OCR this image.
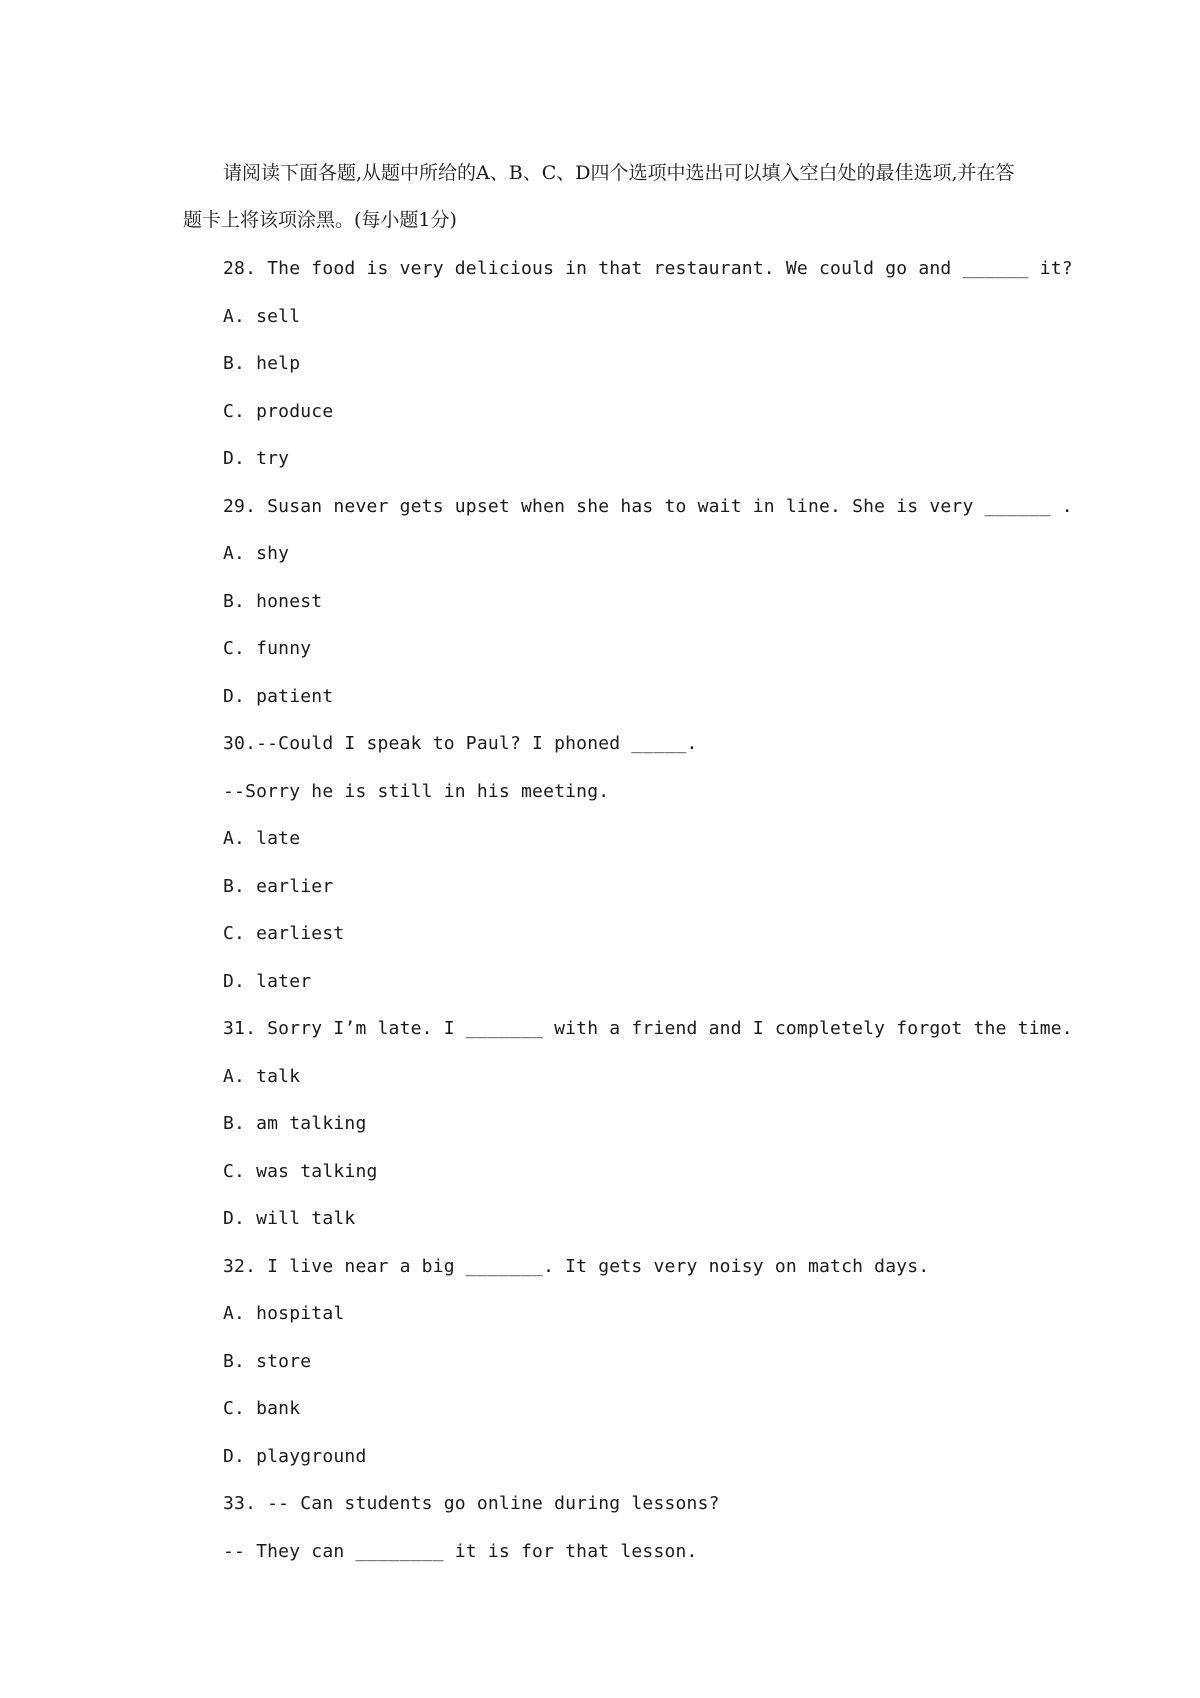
请阅读下面各题,从题中所给的A、B、C、D四个选项中选出可以填入空白处的最佳选项,并在答题卡上将该项涂黑。(每小题1分)

28. The food is very delicious in that restaurant. We could go and ______ it?
A. sell
B. help
C. produce
D. try
29. Susan never gets upset when she has to wait in line. She is very ______ .
A. shy
B. honest
C. funny
D. patient
30.--Could I speak to Paul? I phoned _____.
--Sorry he is still in his meeting.
A. late
B. earlier
C. earliest
D. later
31. Sorry I’m late. I _______ with a friend and I completely forgot the time.
A. talk
B. am talking
C. was talking
D. will talk
32. I live near a big _______. It gets very noisy on match days.
A. hospital
B. store
C. bank
D. playground
33. -- Can students go online during lessons?
-- They can ________ it is for that lesson.
